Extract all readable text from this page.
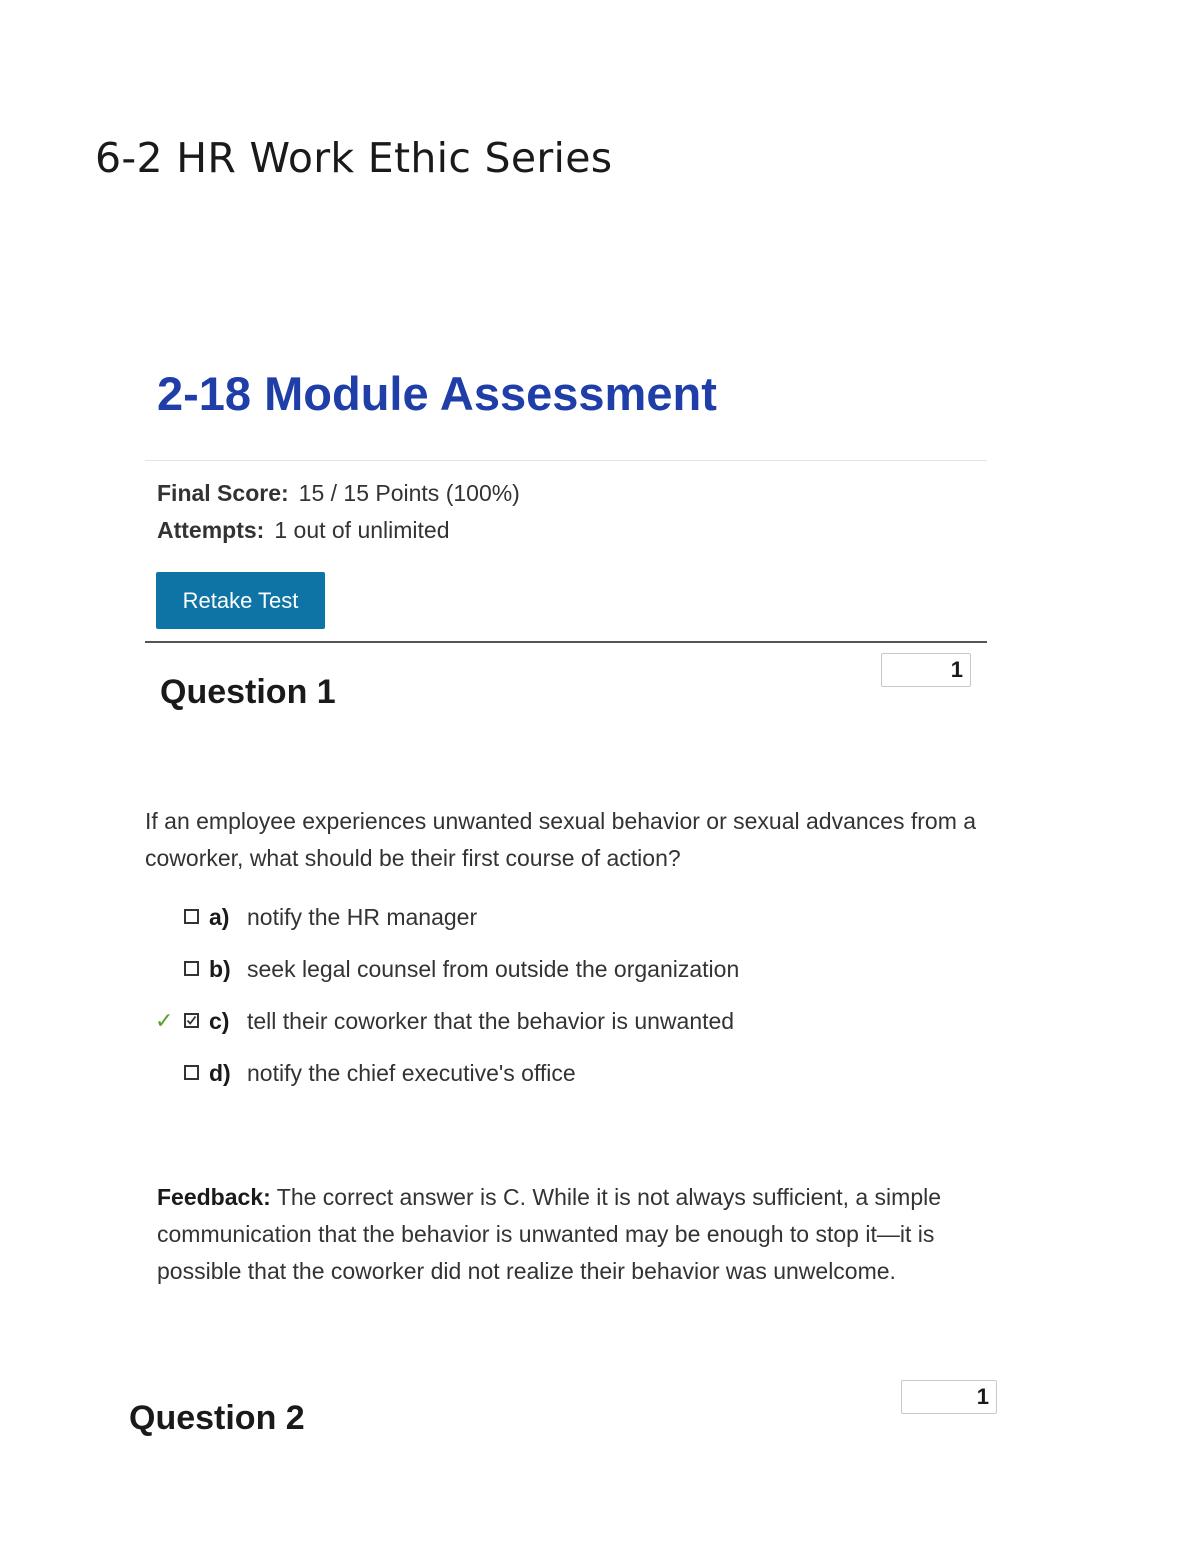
6-2 HR Work Ethic Series
2-18 Module Assessment
Final Score: 15 / 15 Points (100%)
Attempts: 1 out of unlimited
Retake Test
Question 1
1
If an employee experiences unwanted sexual behavior or sexual advances from a coworker, what should be their first course of action?
a) notify the HR manager
b) seek legal counsel from outside the organization
✓ c) tell their coworker that the behavior is unwanted
d) notify the chief executive's office
Feedback: The correct answer is C. While it is not always sufficient, a simple communication that the behavior is unwanted may be enough to stop it—it is possible that the coworker did not realize their behavior was unwelcome.
Question 2
1
